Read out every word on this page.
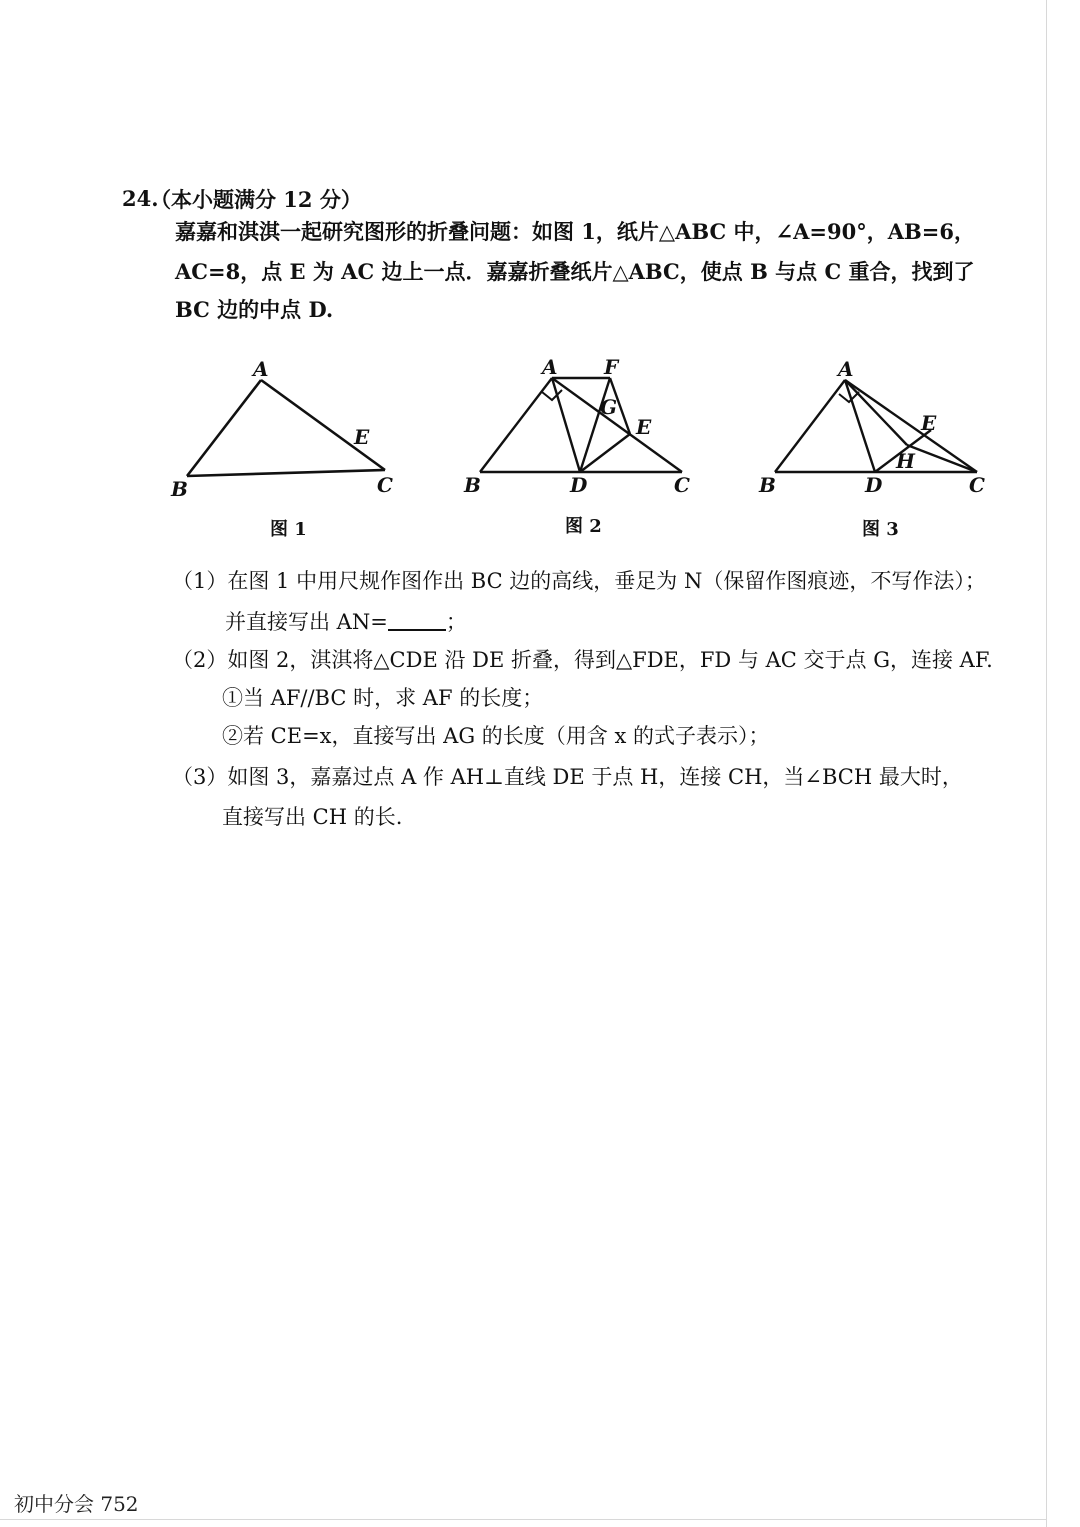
24.
（本小题满分 12 分）
嘉嘉和淇淇一起研究图形的折叠问题：如图 1，纸片△ABC 中，∠A=90°，AB=6，
AC=8，点 E 为 AC 边上一点．嘉嘉折叠纸片△ABC，使点 B 与点 C 重合，找到了
BC 边的中点 D.
A
B	C
E
图 1
A F
G
E
B	D	C
图 2
A
E
H
B	D	C
图 3
（1）在图 1 中用尺规作图作出 BC 边的高线，垂足为 N（保留作图痕迹，不写作法）；
并直接写出 AN=	；
（2）如图 2，淇淇将△CDE 沿 DE 折叠，得到△FDE，FD 与 AC 交于点 G，连接 AF.
①当 AF//BC 时，求 AF 的长度；
②若 CE=x，直接写出 AG 的长度（用含 x 的式子表示）；
（3）如图 3，嘉嘉过点 A 作 AH⊥直线 DE 于点 H，连接 CH，当∠BCH 最大时，
直接写出 CH 的长.
初中分会 752
